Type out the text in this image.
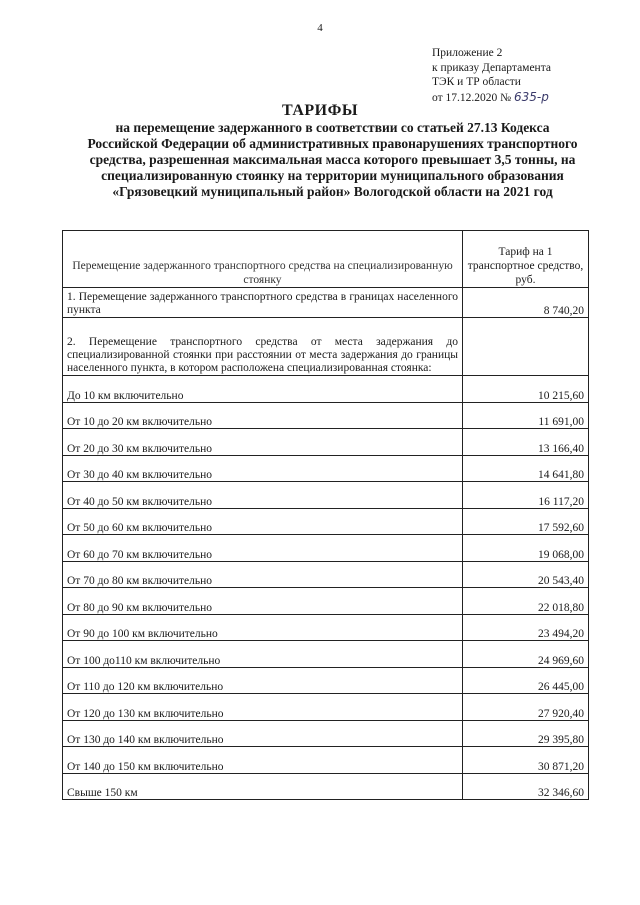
4
Приложение 2
к приказу Департамента
ТЭК и ТР области
от 17.12.2020 № 635-р
ТАРИФЫ
на перемещение задержанного в соответствии со статьей 27.13 Кодекса Российской Федерации об административных правонарушениях транспортного средства, разрешенная максимальная масса которого превышает 3,5 тонны, на специализированную стоянку на территории муниципального образования «Грязовецкий муниципальный район» Вологодской области на 2021 год
Перемещение задержанного транспортного средства на специализированную стоянку	Тариф на 1 транспортное средство, руб.

1. Перемещение задержанного транспортного средства в границах населенного пункта	8 740,20
2. Перемещение транспортного средства от места задержания до специализированной стоянки при расстоянии от места задержания до границы населенного пункта, в котором расположена специализированная стоянка:	
До 10 км включительно	10 215,60
От 10 до 20 км включительно	11 691,00
От 20 до 30 км включительно	13 166,40
От 30 до 40 км включительно	14 641,80
От 40 до 50 км включительно	16 117,20
От 50 до 60 км включительно	17 592,60
От 60 до 70 км включительно	19 068,00
От 70 до 80 км включительно	20 543,40
От 80 до 90 км включительно	22 018,80
От 90 до 100 км включительно	23 494,20
От 100 до110 км включительно	24 969,60
От 110 до 120 км включительно	26 445,00
От 120 до 130 км включительно	27 920,40
От 130 до 140 км включительно	29 395,80
От 140 до 150 км включительно	30 871,20
Свыше 150 км	32 346,60
